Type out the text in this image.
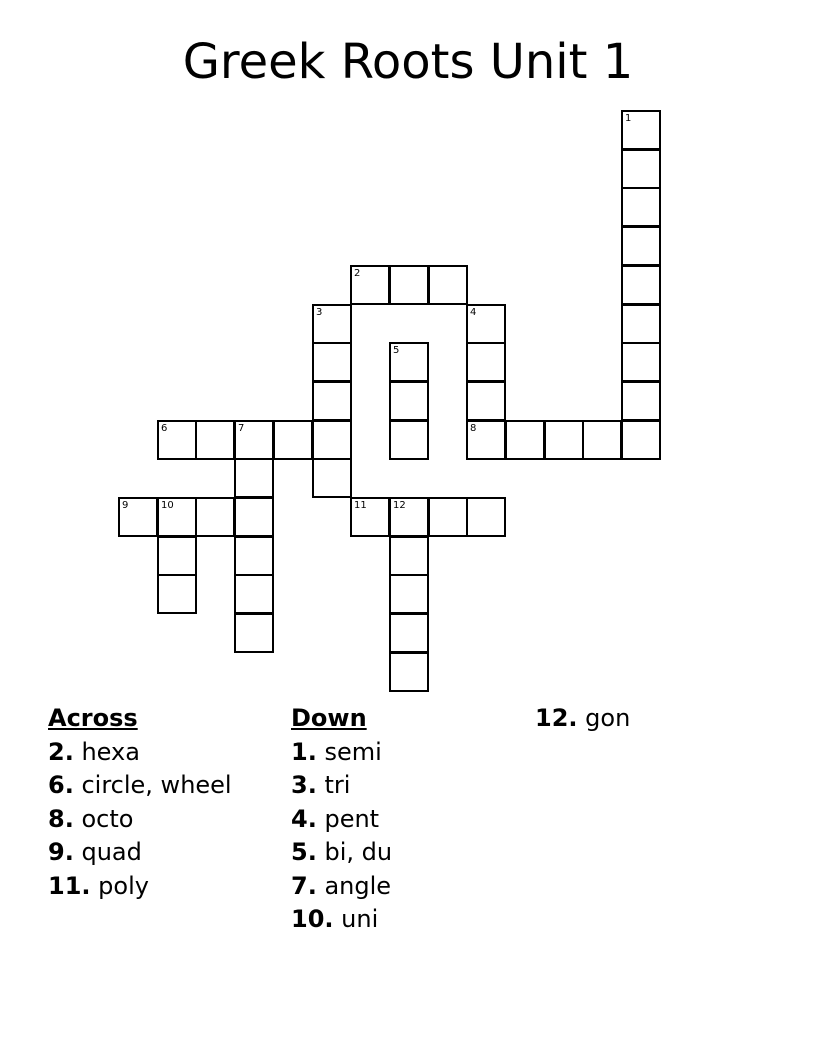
Greek Roots Unit 1
1
2
3	4
5
6	7	8
9	10	11	12
Across
2. hexa
6. circle, wheel
8. octo
9. quad
11. poly
Down
1. semi
3. tri
4. pent
5. bi, du
7. angle
10. uni
12. gon
